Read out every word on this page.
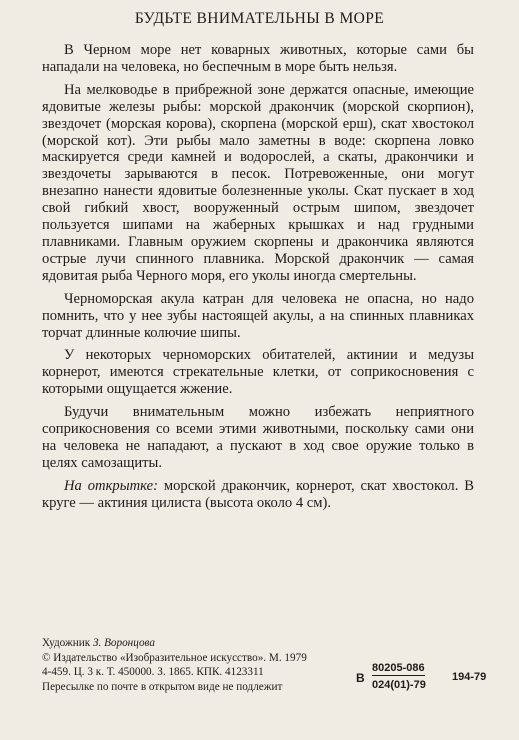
БУДЬТЕ ВНИМАТЕЛЬНЫ В МОРЕ

В Черном море нет коварных животных, которые сами бы нападали на человека, но беспечным в море быть нельзя.

На мелководье в прибрежной зоне держатся опасные, имеющие ядовитые железы рыбы: морской дракончик (морской скорпион), звездочет (морская корова), скорпена (морской ерш), скат хвостокол (морской кот). Эти рыбы мало заметны в воде: скорпена ловко маскируется среди камней и водорослей, а скаты, дракончики и звездочеты зарываются в песок. Потревоженные, они могут внезапно нанести ядовитые болезненные уколы. Скат пускает в ход свой гибкий хвост, вооруженный острым шипом, звездочет пользуется шипами на жаберных крышках и над грудными плавниками. Главным оружием скорпены и дракончика являются острые лучи спинного плавника. Морской дракончик — самая ядовитая рыба Черного моря, его уколы иногда смертельны.

Черноморская акула катран для человека не опасна, но надо помнить, что у нее зубы настоящей акулы, а на спинных плавниках торчат длинные колючие шипы.

У некоторых черноморских обитателей, актинии и медузы корнерот, имеются стрекательные клетки, от соприкосновения с которыми ощущается жжение.

Будучи внимательным можно избежать неприятного соприкосновения со всеми этими животными, поскольку сами они на человека не нападают, а пускают в ход свое оружие только в целях самозащиты.

На открытке: морской дракончик, корнерот, скат хвостокол. В круге — актиния цилиста (высота около 4 см).

Художник З. Воронцова
© Издательство «Изобразительное искусство». М. 1979
4-459. Ц. 3 к. Т. 450000. З. 1865. КПК. 4123311
Пересылке по почте в открытом виде не подлежит
В
80205-086
024(01)-79
194-79
